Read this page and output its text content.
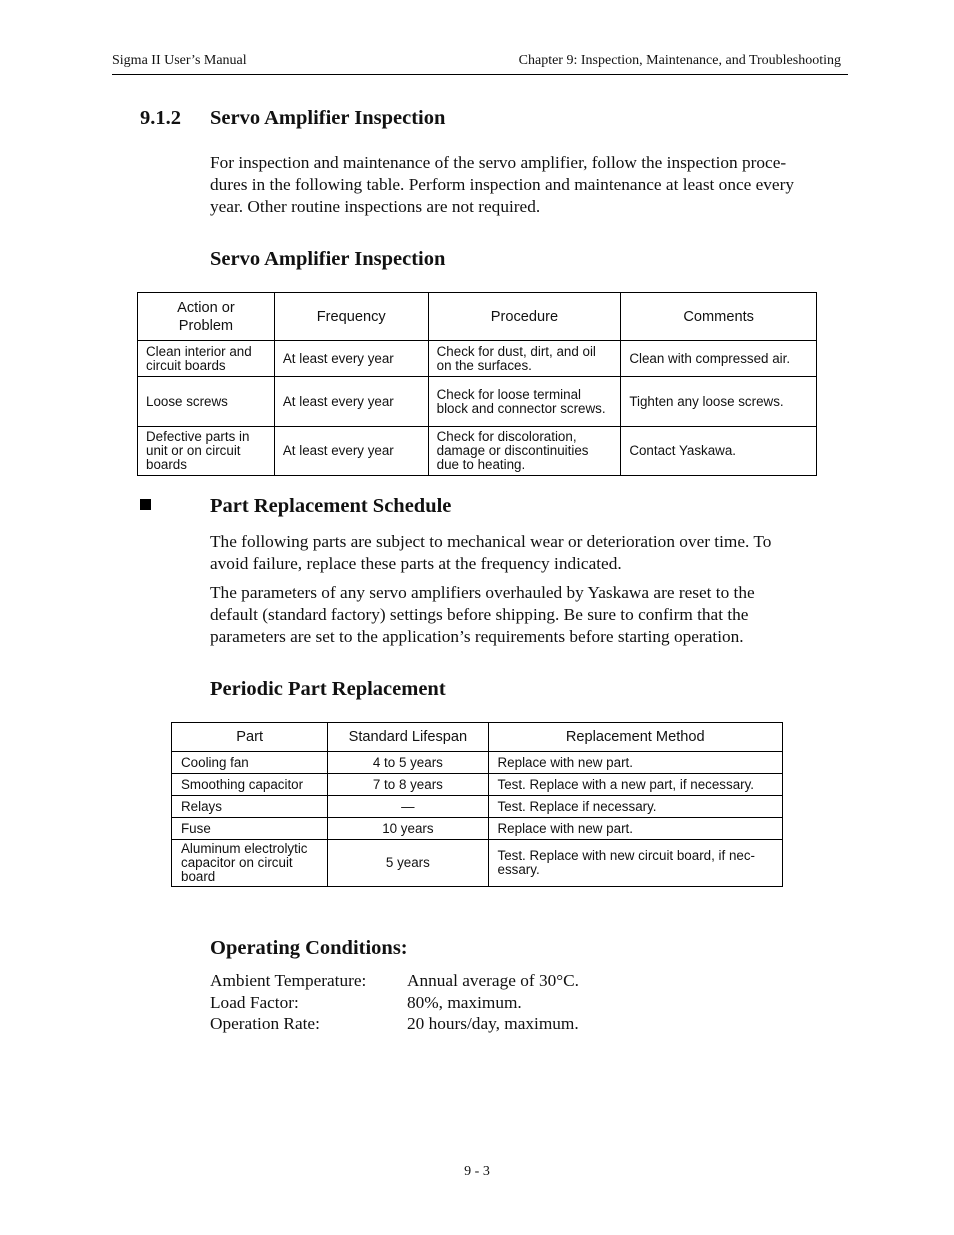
Sigma II User’s Manual	Chapter 9: Inspection, Maintenance, and Troubleshooting
9.1.2 Servo Amplifier Inspection
For inspection and maintenance of the servo amplifier, follow the inspection proce-
dures in the following table. Perform inspection and maintenance at least once every
year. Other routine inspections are not required.
Servo Amplifier Inspection
Action or Problem	Frequency	Procedure	Comments
Clean interior and circuit boards	At least every year	Check for dust, dirt, and oil on the surfaces.	Clean with compressed air.
Loose screws	At least every year	Check for loose terminal block and connector screws.	Tighten any loose screws.
Defective parts in unit or on circuit boards	At least every year	Check for discoloration, damage or discontinuities due to heating.	Contact Yaskawa.
Part Replacement Schedule
The following parts are subject to mechanical wear or deterioration over time. To
avoid failure, replace these parts at the frequency indicated.
The parameters of any servo amplifiers overhauled by Yaskawa are reset to the
default (standard factory) settings before shipping. Be sure to confirm that the
parameters are set to the application’s requirements before starting operation.
Periodic Part Replacement
Part	Standard Lifespan	Replacement Method
Cooling fan	4 to 5 years	Replace with new part.
Smoothing capacitor	7 to 8 years	Test. Replace with a new part, if necessary.
Relays	—	Test. Replace if necessary.
Fuse	10 years	Replace with new part.
Aluminum electrolytic capacitor on circuit board	5 years	Test. Replace with new circuit board, if nec-essary.
Operating Conditions:
Ambient Temperature: Annual average of 30°C.
Load Factor:	80%, maximum.
Operation Rate:	20 hours/day, maximum.
9 - 3
